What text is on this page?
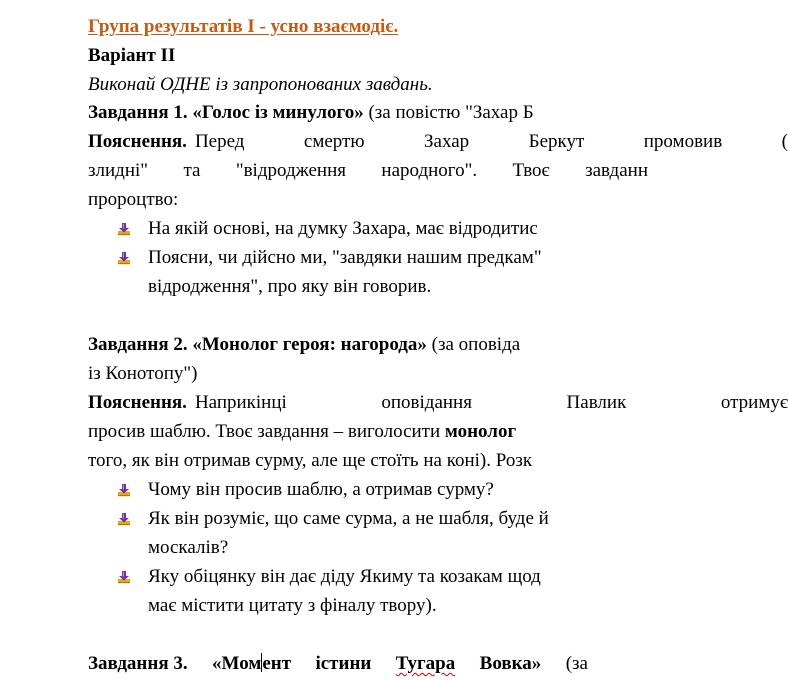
Група результатів І - усно взаємодіє.
Варіант ІІ
Виконай ОДНЕ із запропонованих завдань.
Завдання 1. «Голос із минулого» (за повістю "Захар Б
Пояснення. Перед смертю Захар Беркут промовив (
злидні" та "відродження народного". Твоє завданн
пророцтво:
На якій основі, на думку Захара, має відродитис
Поясни, чи дійсно ми, "завдяки нашим предкам"
відродження", про яку він говорив.
Завдання 2. «Монолог героя: нагорода» (за оповіда
із Конотопу")
Пояснення. Наприкінці оповідання Павлик отримує
просив шаблю. Твоє завдання – виголосити монолог
того, як він отримав сурму, але ще стоїть на коні). Розк
Чому він просив шаблю, а отримав сурму?
Як він розуміє, що саме сурма, а не шабля, буде й
москалів?
Яку обіцянку він дає діду Якиму та козакам щод
має містити цитату з фіналу твору).
Завдання 3. «Момент істини Тугара Вовка» (за
